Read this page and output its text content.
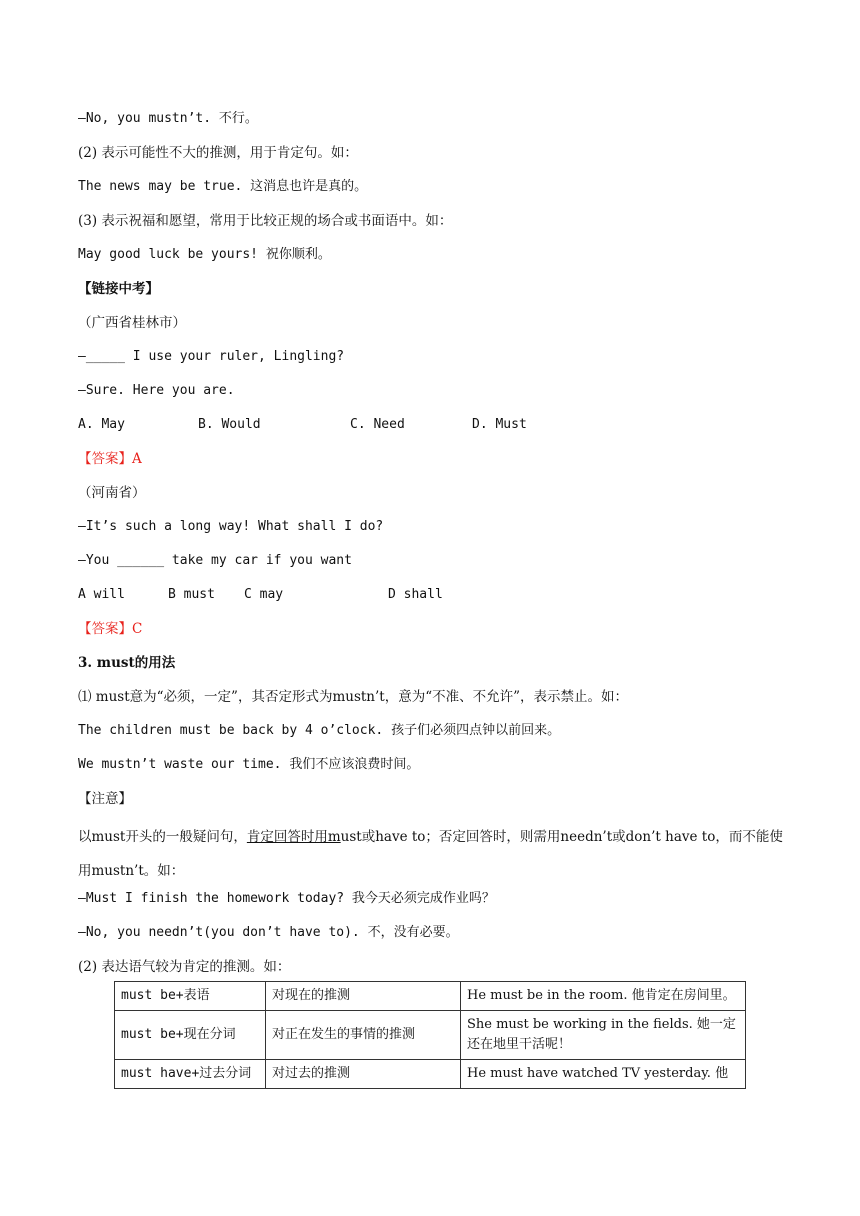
—No, you mustn’t. 不行。
(2) 表示可能性不大的推测，用于肯定句。如：
The news may be true. 这消息也许是真的。
(3) 表示祝福和愿望，常用于比较正规的场合或书面语中。如：
May good luck be yours! 祝你顺利。
【链接中考】
（广西省桂林市）
—_____ I use your ruler, Lingling?
—Sure. Here you are.
A. May	B. Would	C. Need	D. Must
【答案】A
（河南省）
—It’s such a long way! What shall I do?
—You ______ take my car if you want
A will	B must C may	D shall
【答案】C
3. must的用法
⑴ must意为“必须，一定”，其否定形式为mustn’t，意为“不准、不允许”，表示禁止。如：
The children must be back by 4 o’clock. 孩子们必须四点钟以前回来。
We mustn’t waste our time. 我们不应该浪费时间。
【注意】
以must开头的一般疑问句，肯定回答时用must或have to；否定回答时，则需用needn’t或don’t have to，而不能使用mustn’t。如：
—Must I finish the homework today? 我今天必须完成作业吗？
—No, you needn’t(you don’t have to). 不，没有必要。
(2) 表达语气较为肯定的推测。如：
must be+表语	对现在的推测	He must be in the room. 他肯定在房间里。
must be+现在分词	对正在发生的事情的推测	She must be working in the fields. 她一定还在地里干活呢！
must have+过去分词	对过去的推测	He must have watched TV yesterday. 他
